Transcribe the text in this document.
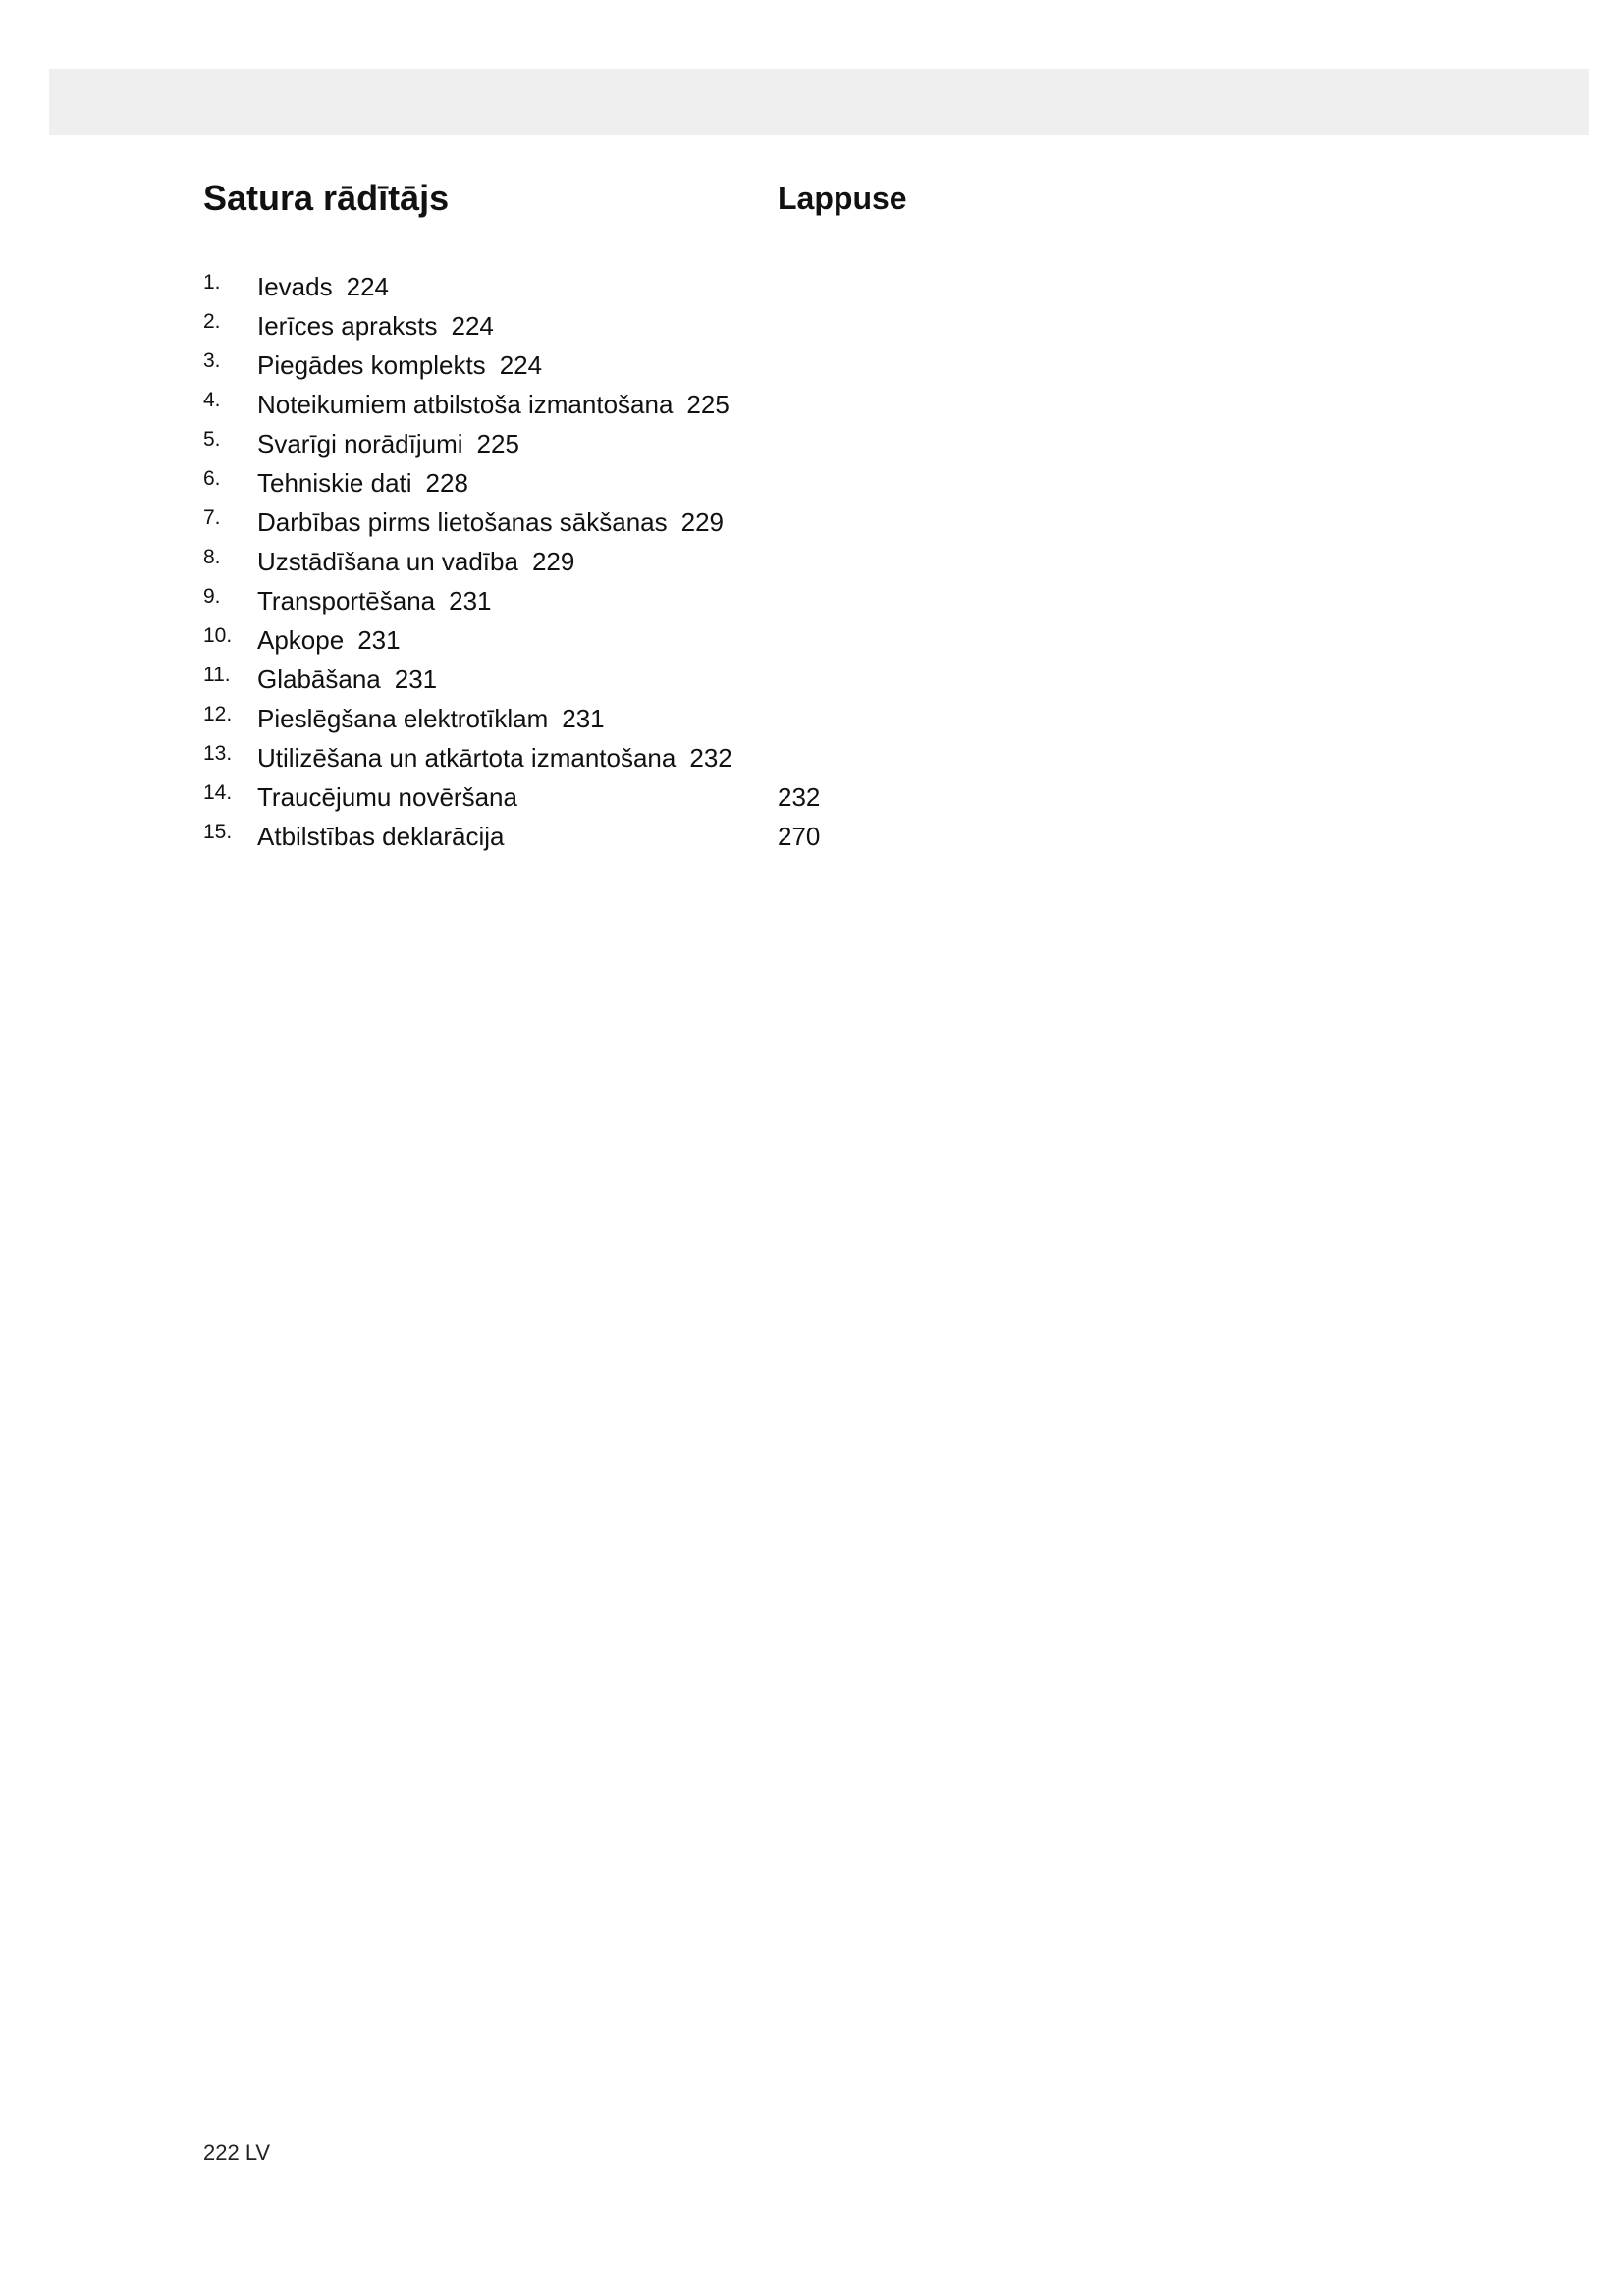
Satura rādītājs	Lappuse
1. Ievads 224
2. Ierīces apraksts 224
3. Piegādes komplekts 224
4. Noteikumiem atbilstoša izmantošana 225
5. Svarīgi norādījumi 225
6. Tehniskie dati 228
7. Darbības pirms lietošanas sākšanas 229
8. Uzstādīšana un vadība 229
9. Transportēšana 231
10. Apkope 231
11. Glabāšana 231
12. Pieslēgšana elektrotīklam 231
13. Utilizēšana un atkārtota izmantošana 232
14. Traucējumu novēršana	232
15. Atbilstības deklarācija	270
222 LV
